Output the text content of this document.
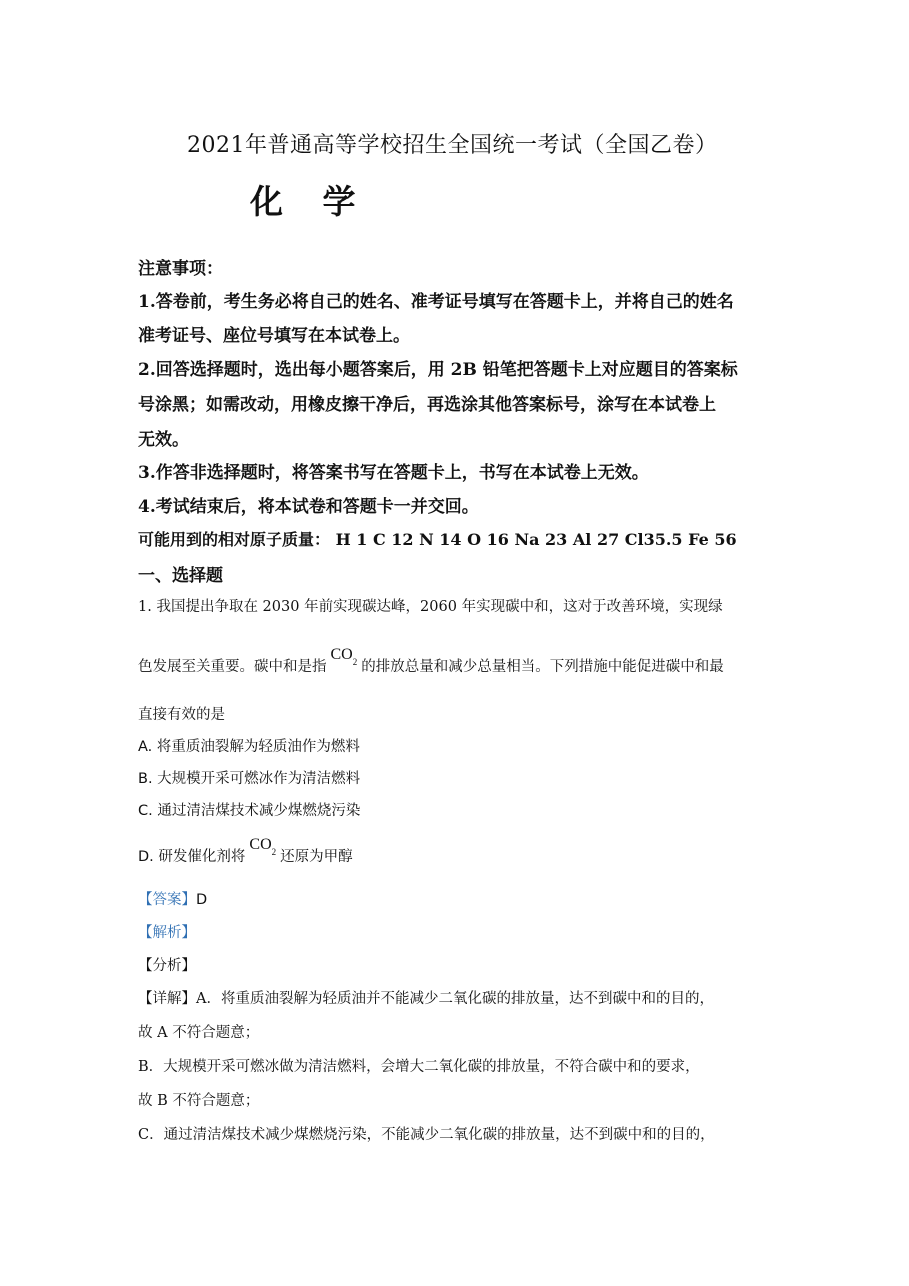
2021年普通高等学校招生全国统一考试（全国乙卷）
化 学
注意事项：
1.答卷前，考生务必将自己的姓名、准考证号填写在答题卡上，并将自己的姓名
准考证号、座位号填写在本试卷上。
2.回答选择题时，选出每小题答案后，用 2B 铅笔把答题卡上对应题目的答案标
号涂黑；如需改动，用橡皮擦干净后，再选涂其他答案标号，涂写在本试卷上
无效。
3.作答非选择题时，将答案书写在答题卡上，书写在本试卷上无效。
4.考试结束后，将本试卷和答题卡一并交回。
可能用到的相对原子质量： H 1 C 12 N 14 O 16 Na 23 Al 27 Cl35.5 Fe 56
一、选择题
1. 我国提出争取在 2030 年前实现碳达峰，2060 年实现碳中和，这对于改善环境，实现绿
色发展至关重要。碳中和是指$CO_2$ 的排放总量和减少总量相当。下列措施中能促进碳中和最
直接有效的是
A. 将重质油裂解为轻质油作为燃料
B. 大规模开采可燃冰作为清洁燃料
C. 通过清洁煤技术减少煤燃烧污染
D. 研发催化剂将$CO_2$ 还原为甲醇
【答案】D
【解析】
【分析】
【详解】A．将重质油裂解为轻质油并不能减少二氧化碳的排放量，达不到碳中和的目的，
故 A 不符合题意；
B．大规模开采可燃冰做为清洁燃料，会增大二氧化碳的排放量，不符合碳中和的要求，
故 B 不符合题意；
C．通过清洁煤技术减少煤燃烧污染，不能减少二氧化碳的排放量，达不到碳中和的目的，
